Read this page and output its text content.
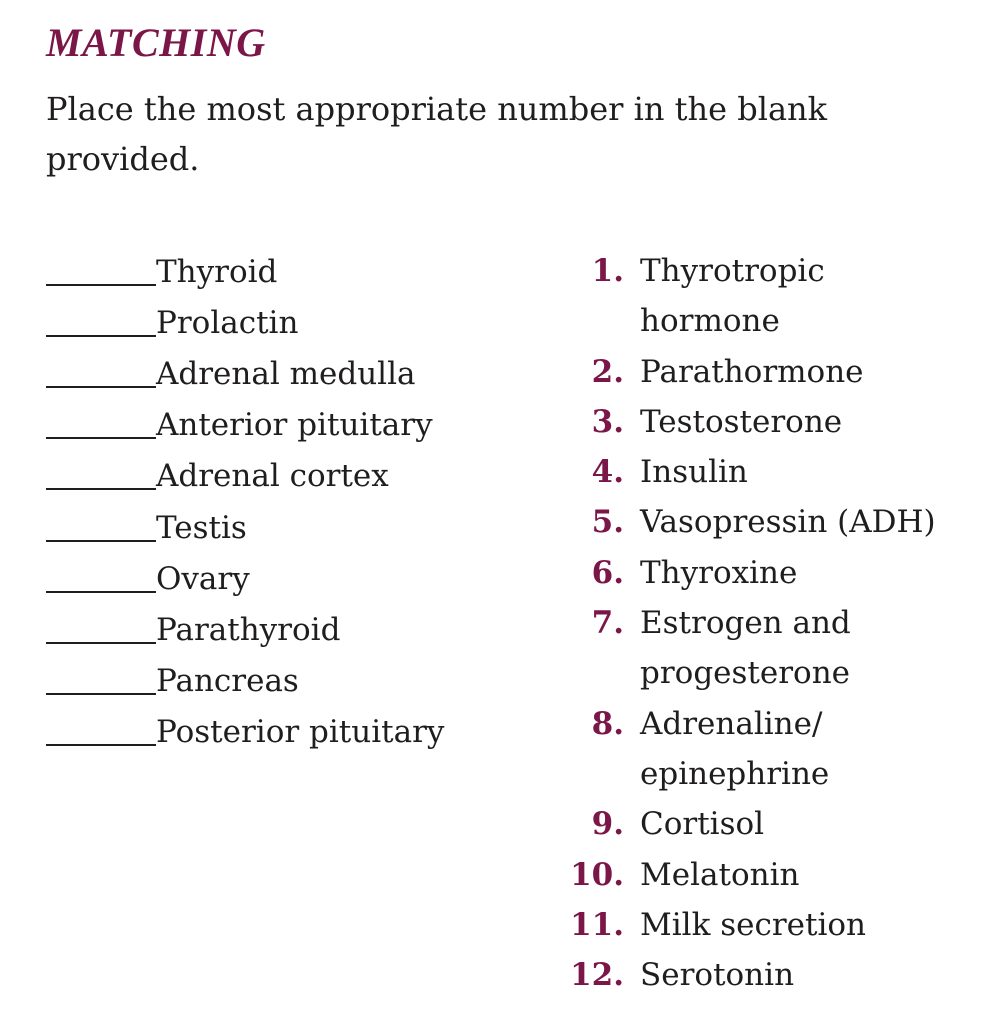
MATCHING

Place the most appropriate number in the blank provided.

Thyroid
Prolactin
Adrenal medulla
Anterior pituitary
Adrenal cortex
Testis
Ovary
Parathyroid
Pancreas
Posterior pituitary
1. Thyrotropic
hormone
2. Parathormone
3. Testosterone
4. Insulin
5. Vasopressin (ADH)
6. Thyroxine
7. Estrogen and
progesterone
8. Adrenaline/
epinephrine
9. Cortisol
10. Melatonin
11. Milk secretion
12. Serotonin
